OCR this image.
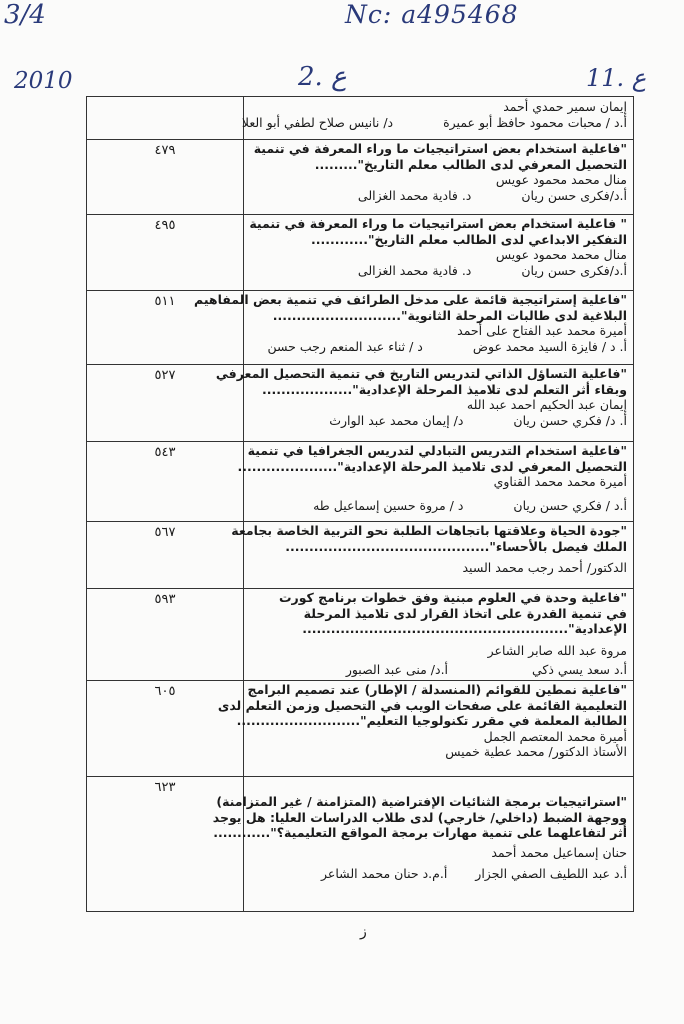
3/4	Nc: a495468
2010	2. ع	11. ع
إيمان سمير حمدي أحمد
أ.د / محبات محمود حافظ أبو عميرة د/ نانيس صلاح لطفي أبو العلا
٤٧٩	"فاعلية استخدام بعض استراتيجيات ما وراء المعرفة في تنمية
التحصيل المعرفي لدى الطالب معلم التاريخ".........
منال محمد محمود عويس
أ.د/فكرى حسن ريان د. فادية محمد الغزالى
٤٩٥	" فاعلية استخدام بعض استراتيجيات ما وراء المعرفة في تنمية
التفكير الابداعي لدى الطالب معلم التاريخ"............
منال محمد محمود عويس
أ.د/فكرى حسن ريان د. فادية محمد الغزالى
٥١١	"فاعلية إستراتيجية قائمة على مدخل الطرائف في تنمية بعض المفاهيم
البلاغية لدى طالبات المرحلة الثانوية"...........................
أميرة محمد عبد الفتاح على أحمد
أ. د / فايزة السيد محمد عوض د / ثناء عبد المنعم رجب حسن
٥٢٧	"فاعلية التساؤل الذاتي لتدريس التاريخ في تنمية التحصيل المعرفي
وبقاء أثر التعلم لدى تلاميذ المرحلة الإعدادية"...................
إيمان عبد الحكيم احمد عبد الله
أ. د/ فكري حسن ريان د/ إيمان محمد عبد الوارث
٥٤٣	"فاعلية استخدام التدريس التبادلي لتدريس الجغرافيا في تنمية
التحصيل المعرفي لدى تلاميذ المرحلة الإعدادية".....................
أميرة محمد محمد القناوي
أ.د / فكري حسن ريان د / مروة حسين إسماعيل طه
٥٦٧	"جودة الحياة وعلاقتها باتجاهات الطلبة نحو التربية الخاصة بجامعة
الملك فيصل بالأحساء"...........................................
الدكتور/ أحمد رجب محمد السيد
٥٩٣	"فاعلية وحدة في العلوم مبنية وفق خطوات برنامج كورت
في تنمية القدرة على اتخاذ القرار لدى تلاميذ المرحلة
الإعدادية"........................................................
مروة عبد الله صابر الشاعر
أ.د سعد يسي ذكي أ.د/ منى عبد الصبور
٦٠٥	"فاعلية نمطين للقوائم (المنسدلة / الإطار) عند تصميم البرامج
التعليمية القائمة على صفحات الويب في التحصيل وزمن التعلم لدى
الطالبة المعلمة في مقرر تكنولوجيا التعليم"..........................
أميرة محمد المعتصم الجمل
الأستاذ الدكتور/ محمد عطية خميس
٦٢٣
"استراتيجيات برمجة الثنائيات الإفتراضية (المتزامنة / غير المتزامنة)
ووجهة الضبط (داخلي/ خارجي) لدى طلاب الدراسات العليا: هل يوجد
أثر لتفاعلهما على تنمية مهارات برمجة المواقع التعليمية؟"............
حنان إسماعيل محمد أحمد
أ.د عبد اللطيف الصفي الجزار أ.م.د حنان محمد الشاعر
ز
